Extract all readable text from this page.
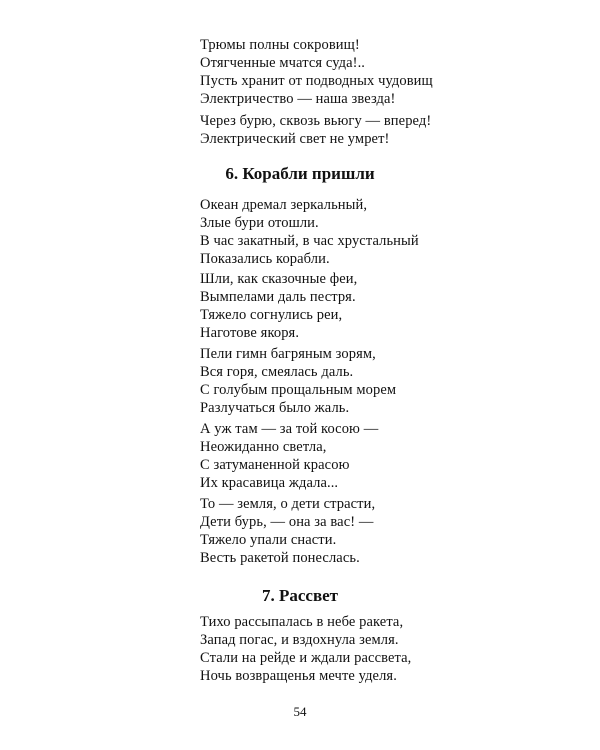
Трюмы полны сокровищ!
Отягченные мчатся суда!..
Пусть хранит от подводных чудовищ
Электричество — наша звезда!
Через бурю, сквозь вьюгу — вперед!
Электрический свет не умрет!
6. Корабли пришли
Океан дремал зеркальный,
Злые бури отошли.
В час закатный, в час хрустальный
Показались корабли.
Шли, как сказочные феи,
Вымпелами даль пестря.
Тяжело согнулись реи,
Наготове якоря.
Пели гимн багряным зорям,
Вся горя, смеялась даль.
С голубым прощальным морем
Разлучаться было жаль.
А уж там — за той косою —
Неожиданно светла,
С затуманенной красою
Их красавица ждала...
То — земля, о дети страсти,
Дети бурь, — она за вас! —
Тяжело упали снасти.
Весть ракетой понеслась.
7. Рассвет
Тихо рассыпалась в небе ракета,
Запад погас, и вздохнула земля.
Стали на рейде и ждали рассвета,
Ночь возвращенья мечте уделя.

54
